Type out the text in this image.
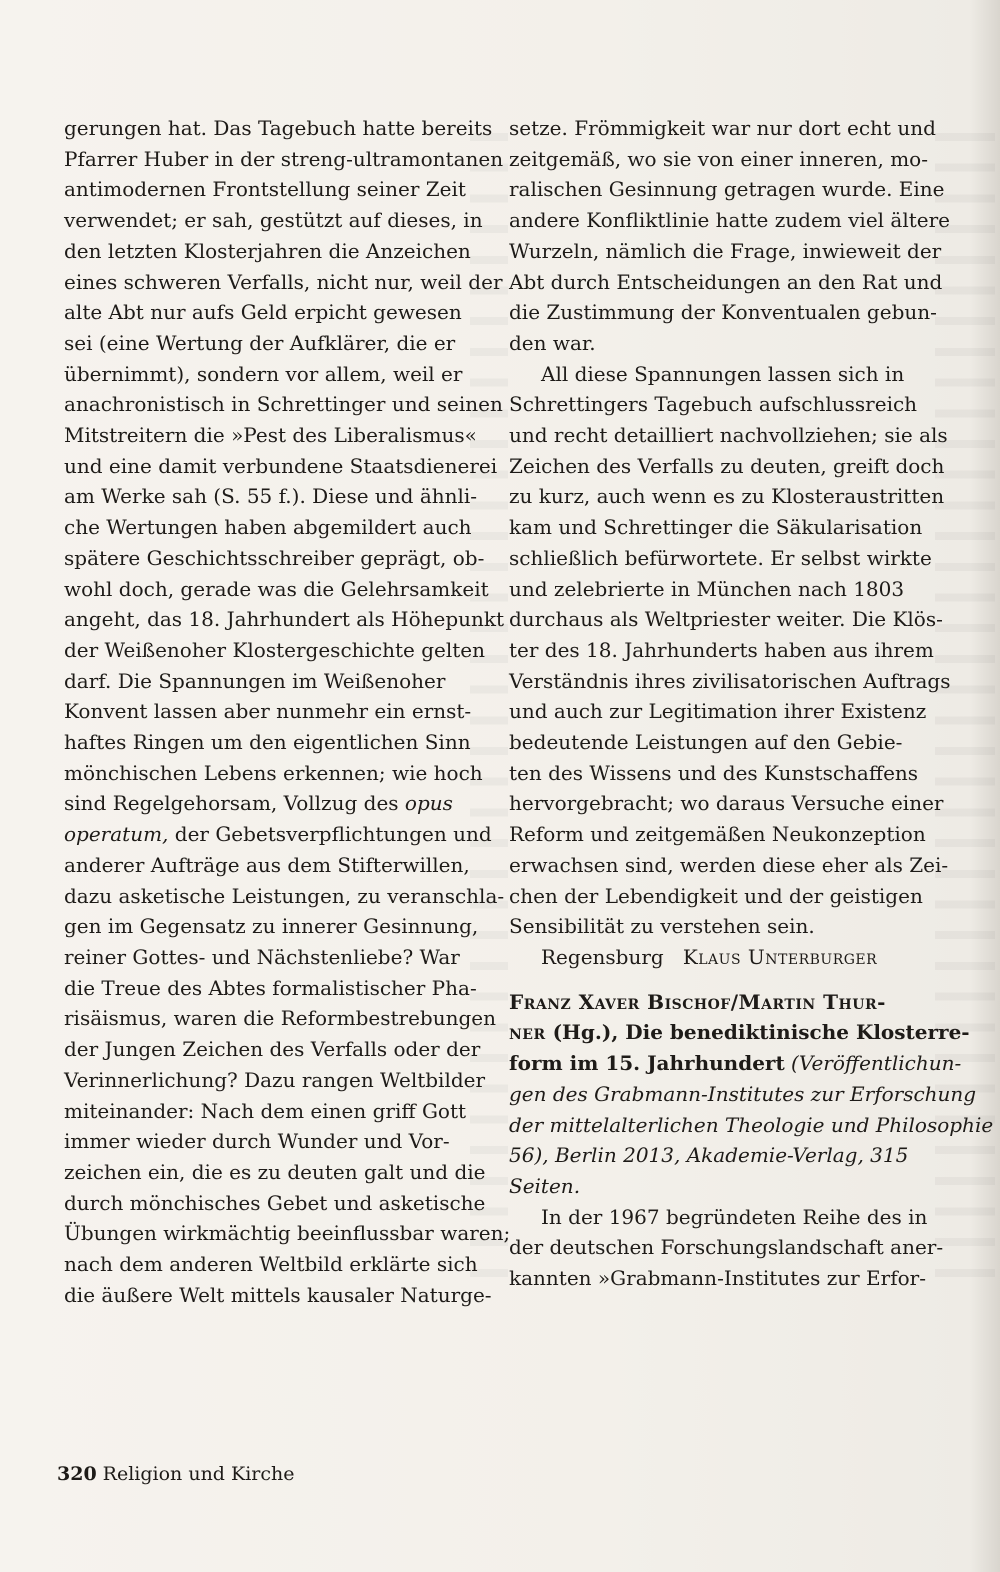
gerungen hat. Das Tagebuch hatte bereits
Pfarrer Huber in der streng-ultramontanen
antimodernen Frontstellung seiner Zeit
verwendet; er sah, gestützt auf dieses, in
den letzten Klosterjahren die Anzeichen
eines schweren Verfalls, nicht nur, weil der
alte Abt nur aufs Geld erpicht gewesen
sei (eine Wertung der Aufklärer, die er
übernimmt), sondern vor allem, weil er
anachronistisch in Schrettinger und seinen
Mitstreitern die »Pest des Liberalismus«
und eine damit verbundene Staatsdienerei
am Werke sah (S. 55 f.). Diese und ähnli-
che Wertungen haben abgemildert auch
spätere Geschichtsschreiber geprägt, ob-
wohl doch, gerade was die Gelehrsamkeit
angeht, das 18. Jahrhundert als Höhepunkt
der Weißenoher Klostergeschichte gelten
darf. Die Spannungen im Weißenoher
Konvent lassen aber nunmehr ein ernst-
haftes Ringen um den eigentlichen Sinn
mönchischen Lebens erkennen; wie hoch
sind Regelgehorsam, Vollzug des opus
operatum, der Gebetsverpflichtungen und
anderer Aufträge aus dem Stifterwillen,
dazu asketische Leistungen, zu veranschla-
gen im Gegensatz zu innerer Gesinnung,
reiner Gottes- und Nächstenliebe? War
die Treue des Abtes formalistischer Pha-
risäismus, waren die Reformbestrebungen
der Jungen Zeichen des Verfalls oder der
Verinnerlichung? Dazu rangen Weltbilder
miteinander: Nach dem einen griff Gott
immer wieder durch Wunder und Vor-
zeichen ein, die es zu deuten galt und die
durch mönchisches Gebet und asketische
Übungen wirkmächtig beeinflussbar waren;
nach dem anderen Weltbild erklärte sich
die äußere Welt mittels kausaler Naturge-
setze. Frömmigkeit war nur dort echt und
zeitgemäß, wo sie von einer inneren, mo-
ralischen Gesinnung getragen wurde. Eine
andere Konfliktlinie hatte zudem viel ältere
Wurzeln, nämlich die Frage, inwieweit der
Abt durch Entscheidungen an den Rat und
die Zustimmung der Konventualen gebun-
den war.
All diese Spannungen lassen sich in
Schrettingers Tagebuch aufschlussreich
und recht detailliert nachvollziehen; sie als
Zeichen des Verfalls zu deuten, greift doch
zu kurz, auch wenn es zu Klosteraustritten
kam und Schrettinger die Säkularisation
schließlich befürwortete. Er selbst wirkte
und zelebrierte in München nach 1803
durchaus als Weltpriester weiter. Die Klös-
ter des 18. Jahrhunderts haben aus ihrem
Verständnis ihres zivilisatorischen Auftrags
und auch zur Legitimation ihrer Existenz
bedeutende Leistungen auf den Gebie-
ten des Wissens und des Kunstschaffens
hervorgebracht; wo daraus Versuche einer
Reform und zeitgemäßen Neukonzeption
erwachsen sind, werden diese eher als Zei-
chen der Lebendigkeit und der geistigen
Sensibilität zu verstehen sein.
Regensburg Klaus Unterburger
Franz Xaver Bischof/Martin Thur-
ner (Hg.), Die benediktinische Klosterre-
form im 15. Jahrhundert (Veröffentlichun-
gen des Grabmann-Institutes zur Erforschung
der mittelalterlichen Theologie und Philosophie
56), Berlin 2013, Akademie-Verlag, 315
Seiten.
In der 1967 begründeten Reihe des in
der deutschen Forschungslandschaft aner-
kannten »Grabmann-Institutes zur Erfor-
320 Religion und Kirche
